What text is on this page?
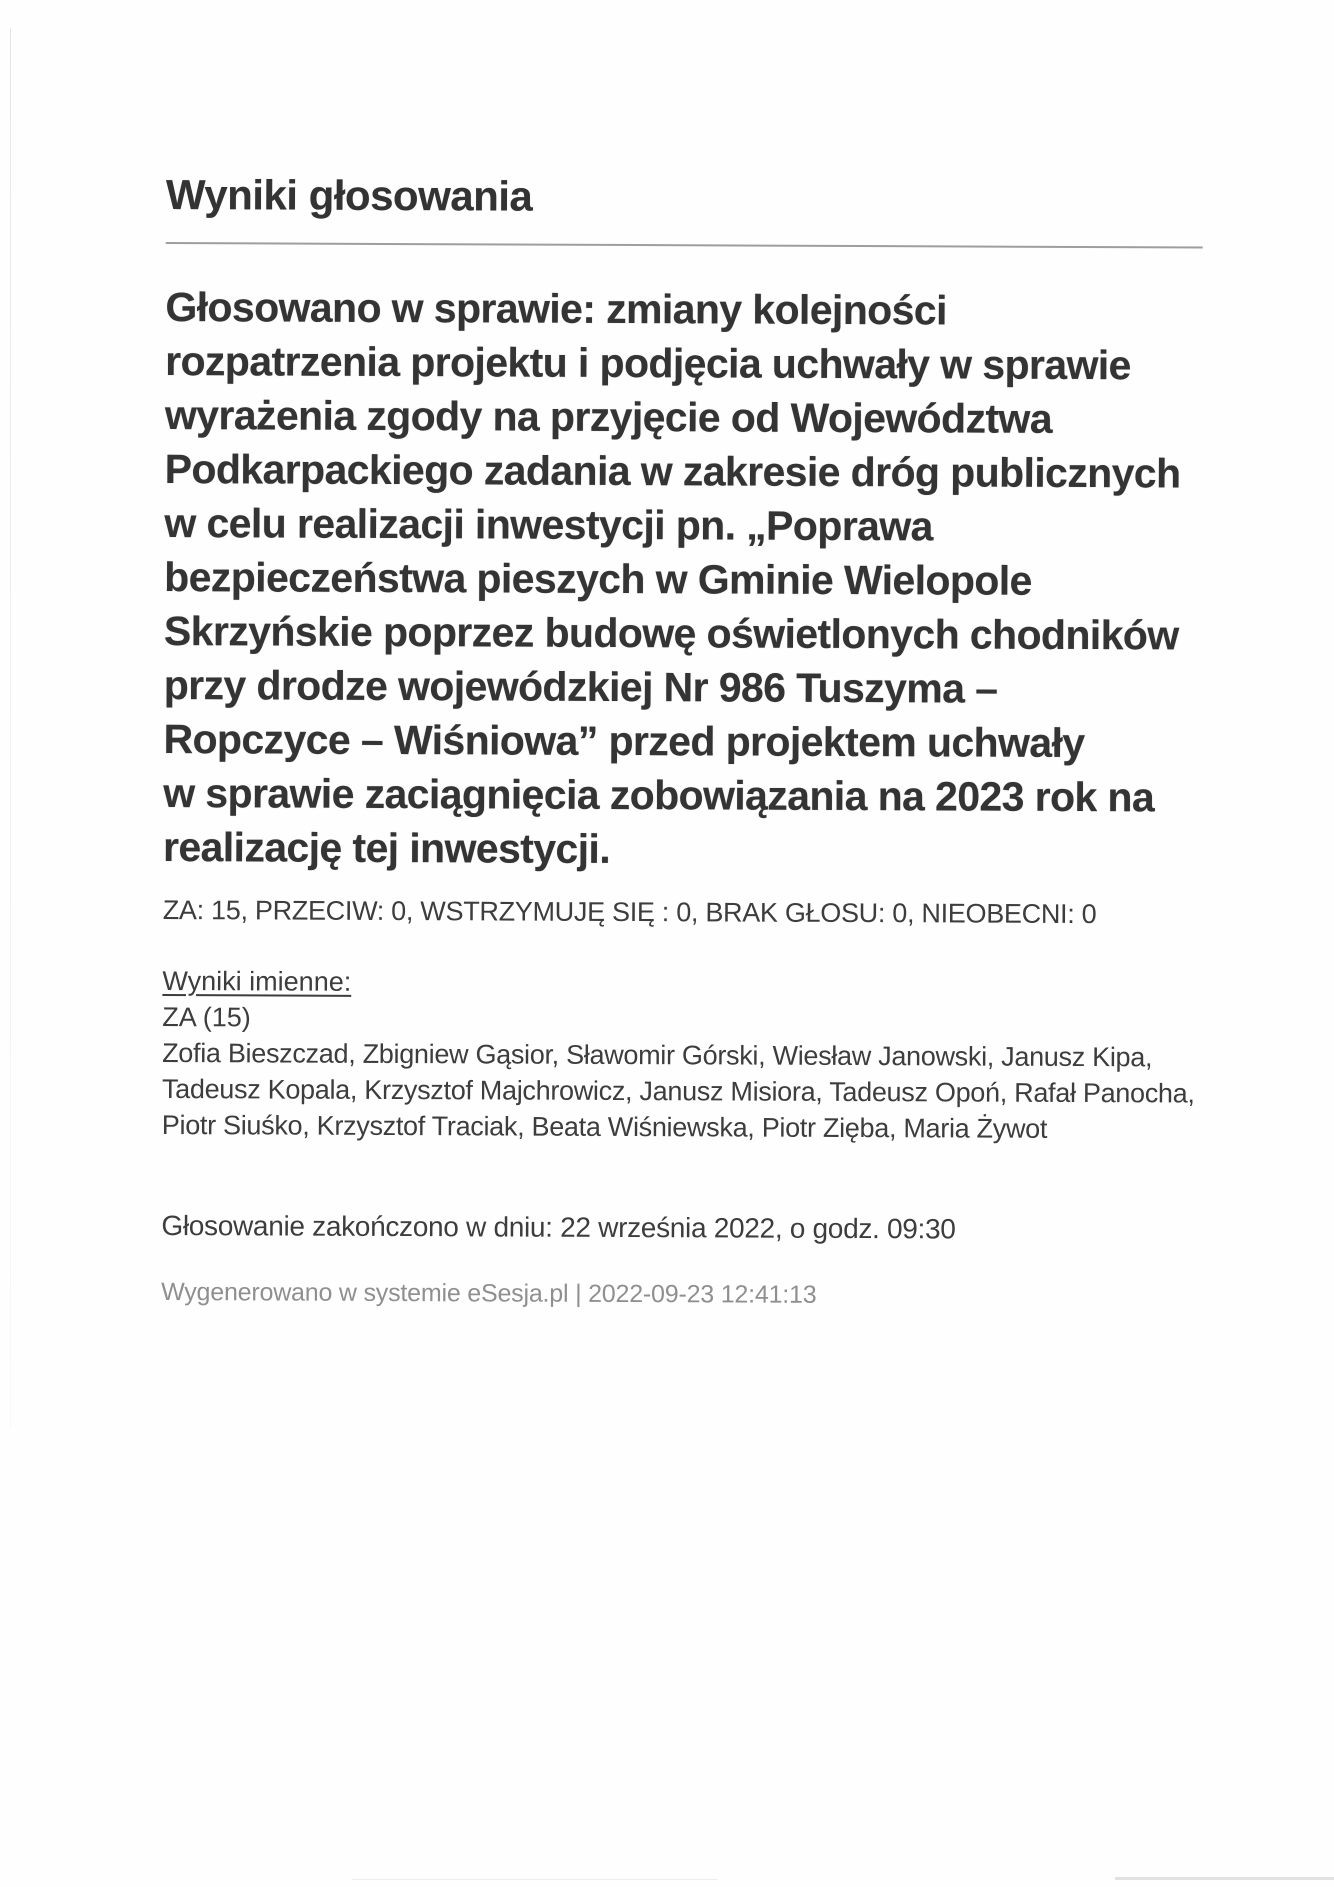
Wyniki głosowania

Głosowano w sprawie: zmiany kolejności
rozpatrzenia projektu i podjęcia uchwały w sprawie
wyrażenia zgody na przyjęcie od Województwa
Podkarpackiego zadania w zakresie dróg publicznych
w celu realizacji inwestycji pn. „Poprawa
bezpieczeństwa pieszych w Gminie Wielopole
Skrzyńskie poprzez budowę oświetlonych chodników
przy drodze wojewódzkiej Nr 986 Tuszyma –
Ropczyce – Wiśniowa” przed projektem uchwały
w sprawie zaciągnięcia zobowiązania na 2023 rok na
realizację tej inwestycji.

ZA: 15, PRZECIW: 0, WSTRZYMUJĘ SIĘ : 0, BRAK GŁOSU: 0, NIEOBECNI: 0

Wyniki imienne:

ZA (15)

Zofia Bieszczad, Zbigniew Gąsior, Sławomir Górski, Wiesław Janowski, Janusz Kipa,
Tadeusz Kopala, Krzysztof Majchrowicz, Janusz Misiora, Tadeusz Opoń, Rafał Panocha,
Piotr Siuśko, Krzysztof Traciak, Beata Wiśniewska, Piotr Zięba, Maria Żywot

Głosowanie zakończono w dniu: 22 września 2022, o godz. 09:30

Wygenerowano w systemie eSesja.pl | 2022-09-23 12:41:13
